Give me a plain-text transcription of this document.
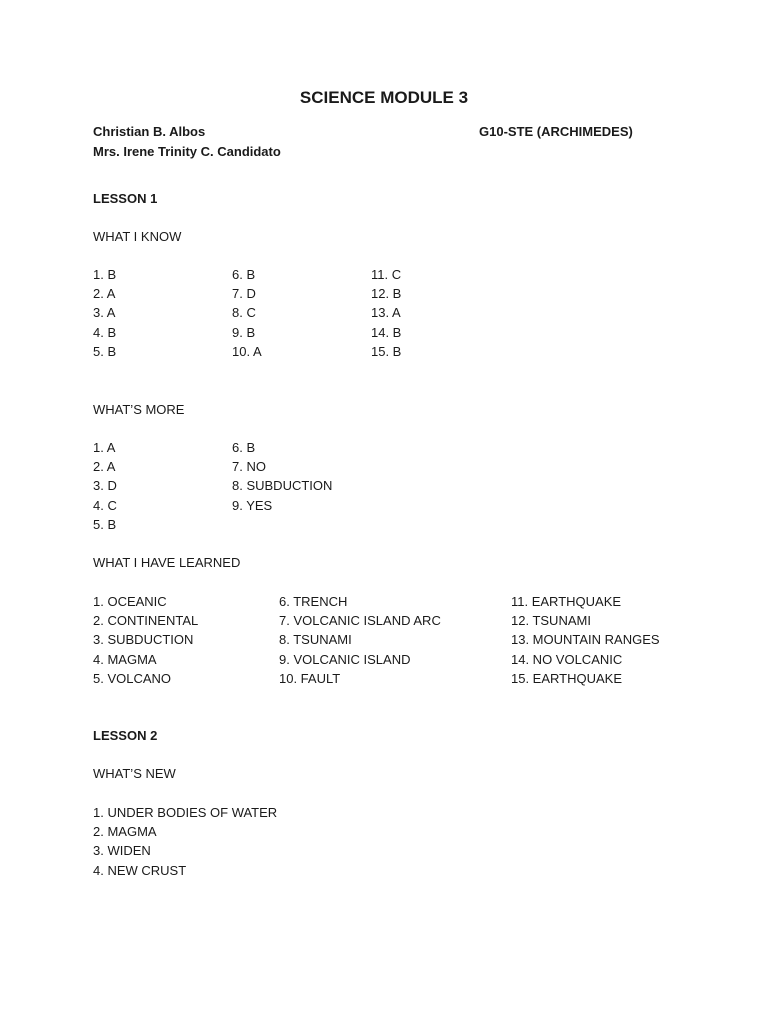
SCIENCE MODULE 3
Christian B. Albos	G10-STE (ARCHIMEDES)
Mrs. Irene Trinity C. Candidato
LESSON 1
WHAT I KNOW
1. B
2. A
3. A
4. B
5. B
6. B
7. D
8. C
9. B
10. A
11. C
12. B
13. A
14. B
15. B
WHAT’S MORE
1. A
2. A
3. D
4. C
5. B
6. B
7. NO
8. SUBDUCTION
9. YES
WHAT I HAVE LEARNED
1. OCEANIC
2. CONTINENTAL
3. SUBDUCTION
4. MAGMA
5. VOLCANO
6. TRENCH
7. VOLCANIC ISLAND ARC
8. TSUNAMI
9. VOLCANIC ISLAND
10. FAULT
11. EARTHQUAKE
12. TSUNAMI
13. MOUNTAIN RANGES
14. NO VOLCANIC
15. EARTHQUAKE
LESSON 2
WHAT’S NEW
1. UNDER BODIES OF WATER
2. MAGMA
3. WIDEN
4. NEW CRUST
